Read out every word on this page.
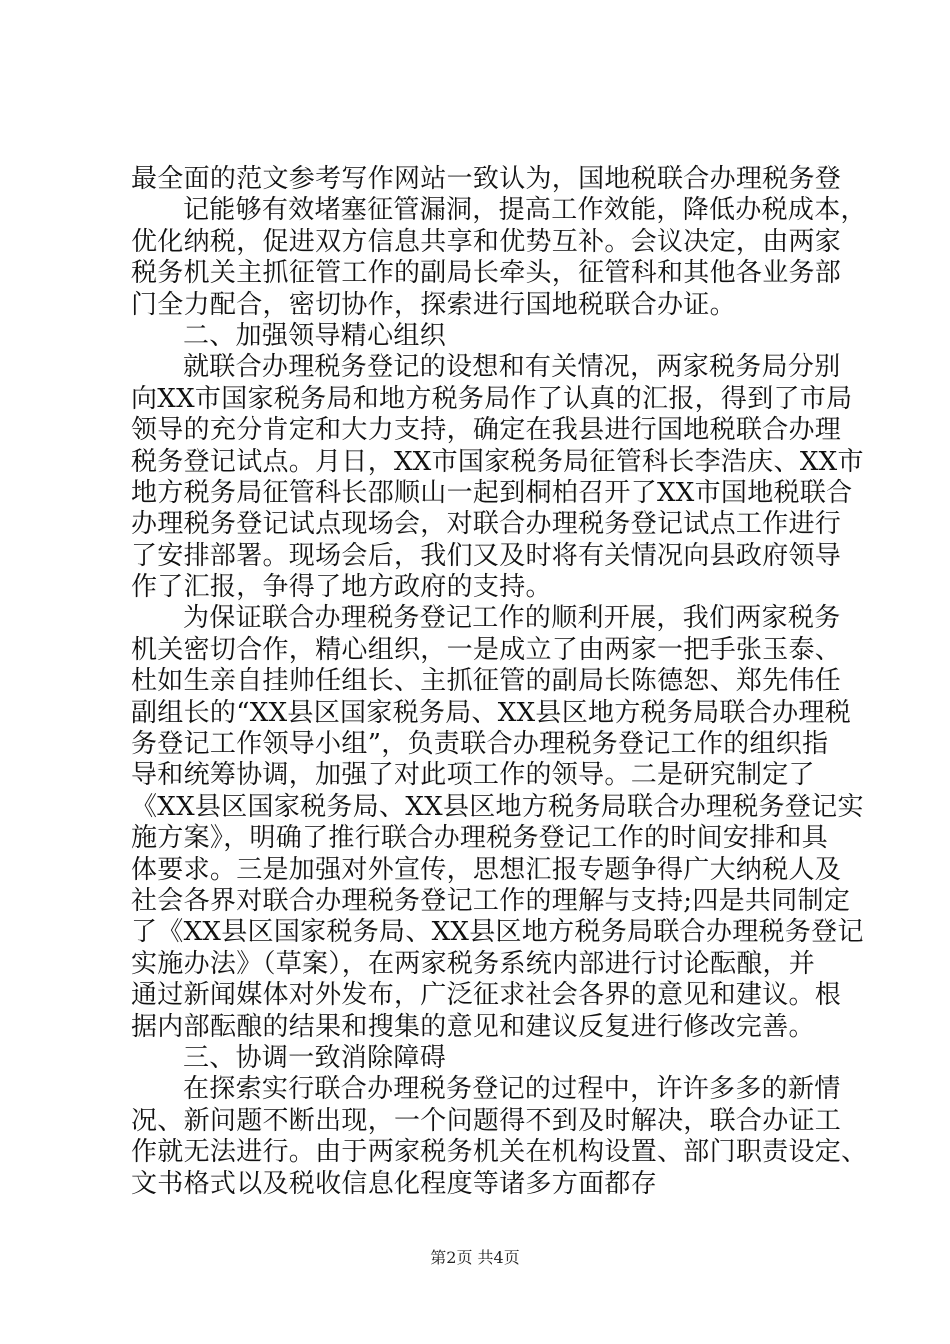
最全面的范文参考写作网站一致认为，国地税联合办理税务登
记能够有效堵塞征管漏洞，提高工作效能，降低办税成本，
优化纳税，促进双方信息共享和优势互补。会议决定，由两家
税务机关主抓征管工作的副局长牵头，征管科和其他各业务部
门全力配合，密切协作，探索进行国地税联合办证。
二、加强领导精心组织
就联合办理税务登记的设想和有关情况，两家税务局分别
向XX市国家税务局和地方税务局作了认真的汇报，得到了市局
领导的充分肯定和大力支持，确定在我县进行国地税联合办理
税务登记试点。月日，XX市国家税务局征管科长李浩庆、XX市
地方税务局征管科长邵顺山一起到桐柏召开了XX市国地税联合
办理税务登记试点现场会，对联合办理税务登记试点工作进行
了安排部署。现场会后，我们又及时将有关情况向县政府领导
作了汇报，争得了地方政府的支持。
为保证联合办理税务登记工作的顺利开展，我们两家税务
机关密切合作，精心组织，一是成立了由两家一把手张玉泰、
杜如生亲自挂帅任组长、主抓征管的副局长陈德恕、郑先伟任
副组长的“XX县区国家税务局、XX县区地方税务局联合办理税
务登记工作领导小组”，负责联合办理税务登记工作的组织指
导和统筹协调，加强了对此项工作的领导。二是研究制定了
《XX县区国家税务局、XX县区地方税务局联合办理税务登记实
施方案》，明确了推行联合办理税务登记工作的时间安排和具
体要求。三是加强对外宣传，思想汇报专题争得广大纳税人及
社会各界对联合办理税务登记工作的理解与支持;四是共同制定
了《XX县区国家税务局、XX县区地方税务局联合办理税务登记
实施办法》（草案），在两家税务系统内部进行讨论酝酿，并
通过新闻媒体对外发布，广泛征求社会各界的意见和建议。根
据内部酝酿的结果和搜集的意见和建议反复进行修改完善。
三、协调一致消除障碍
在探索实行联合办理税务登记的过程中，许许多多的新情
况、新问题不断出现，一个问题得不到及时解决，联合办证工
作就无法进行。由于两家税务机关在机构设置、部门职责设定、
文书格式以及税收信息化程度等诸多方面都存
第2页 共4页
